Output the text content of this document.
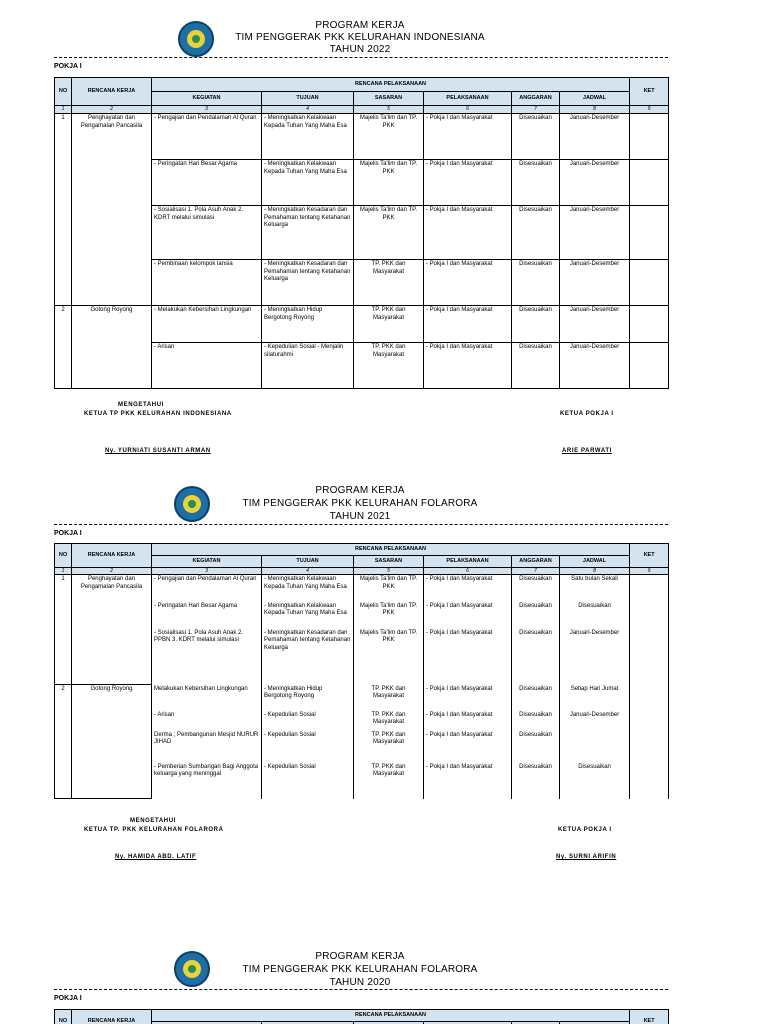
PROGRAM KERJA
TIM PENGGERAK PKK KELURAHAN INDONESIANA
TAHUN 2022
POKJA I
NO	RENCANA KERJA	RENCANA PELAKSANAAN						KET
		KEGIATAN	TUJUAN	SASARAN	PELAKSANAAN	ANGGARAN	JADWAL	
1	2	3	4	5	6	7	8	9
1	Penghayatan dan Pengamalan Pancasila	- Pengajian dan Pendalaman Al Quran	- Meningkatkan Kelakwaan Kepada Tuhan Yang Maha Esa	Majelis Ta'lim dan TP. PKK	- Pokja I dan Masyarakat	Disesuaikan	Januari-Desember	
		- Peringatan Hari Besar Agama	- Meningkatkan Kelakwaan Kepada Tuhan Yang Maha Esa	Majelis Ta'lim dan TP. PKK	- Pokja I dan Masyarakat	Disesuaikan	Januari-Desember	
		- Sosialisasi 1. Pola Asuh Anak 2. KDRT melalui simulasi	- Meningkatkan Kesadaran dan Pemahaman tentang Ketahanan Keluarga	Majelis Ta'lim dan TP. PKK	- Pokja I dan Masyarakat	Disesuaikan	Januari-Desember	
		- Pembinaan kelompok lansia	- Meningkatkan Kesadaran dan Pemahaman tentang Ketahanan Keluarga	TP. PKK dan Masyarakat	- Pokja I dan Masyarakat	Disesuaikan	Januari-Desember	
2	Gotong Royong	- Melakukan Kebersihan Lingkungan	- Meningkatkan Hidup Bergotong Royong	TP. PKK dan Masyarakat	- Pokja I dan Masyarakat	Disesuaikan	Januari-Desember	
		- Arisan	- Kepedulian Sosial - Menjalin silaturahmi	TP. PKK dan Masyarakat	- Pokja I dan Masyarakat	Disesuaikan	Januari-Desember	
MENGETAHUI
KETUA TP PKK KELURAHAN INDONESIANA	KETUA POKJA I
Ny. YURNIATI SUSANTI ARMAN	ARIE PARWATI
PROGRAM KERJA
TIM PENGGERAK PKK KELURAHAN FOLARORA
TAHUN 2021
POKJA I
NO	RENCANA KERJA	RENCANA PELAKSANAAN						KET
		KEGIATAN	TUJUAN	SASARAN	PELAKSANAAN	ANGGARAN	JADWAL	
1	2	3	4	5	6	7	8	9
1	Penghayatan dan Pengamalan Pancasila	- Pengajian dan Pendalaman Al Quran	- Meningkatkan Kelakwaan Kepada Tuhan Yang Maha Esa	Majelis Ta'lim dan TP. PKK	- Pokja I dan Masyarakat	Disesuaikan	Satu bulan Sekali	
		- Peringatan Hari Besar Agama	- Meningkatkan Kelakwaan Kepada Tuhan Yang Maha Esa	Majelis Ta'lim dan TP. PKK	- Pokja I dan Masyarakat	Disesuaikan	Disesuaikan	
		- Sosialisasi 1. Pola Asuh Anak 2. PPBN 3. KDRT melalui simulasi	- Meningkatkan Kesadaran dan Pemahaman tentang Ketahanan Keluarga	Majelis Ta'lim dan TP. PKK	- Pokja I dan Masyarakat	Disesuaikan	Januari-Desember	
2	Gotong Royong	Melakukan Kebersihan Lingkungan	- Meningkatkan Hidup Bergotong Royong	TP. PKK dan Masyarakat	- Pokja I dan Masyarakat	Disesuaikan	Setiap Hari Jumat	
		- Arisan	- Kepedulian Sosial	TP. PKK dan Masyarakat	- Pokja I dan Masyarakat	Disesuaikan	Januari-Desember	
		Derma ; Pembangunan Mesjid NURUR JIHAD	- Kepedulian Sosial	TP. PKK dan Masyarakat	- Pokja I dan Masyarakat	Disesuaikan		
		- Pemberian Sumbangan Bagi Anggota keluarga yang meninggal	- Kepedulian Sosial	TP. PKK dan Masyarakat	- Pokja I dan Masyarakat	Disesuaikan	Disesuaikan	
MENGETAHUI
KETUA TP. PKK KELURAHAN FOLARORA	KETUA POKJA I
Ny. HAMIDA ABD. LATIF	Ny. SURNI ARIFIN
PROGRAM KERJA
TIM PENGGERAK PKK KELURAHAN FOLARORA
TAHUN 2020
POKJA I
NO	RENCANA KERJA	RENCANA PELAKSANAAN						KET
